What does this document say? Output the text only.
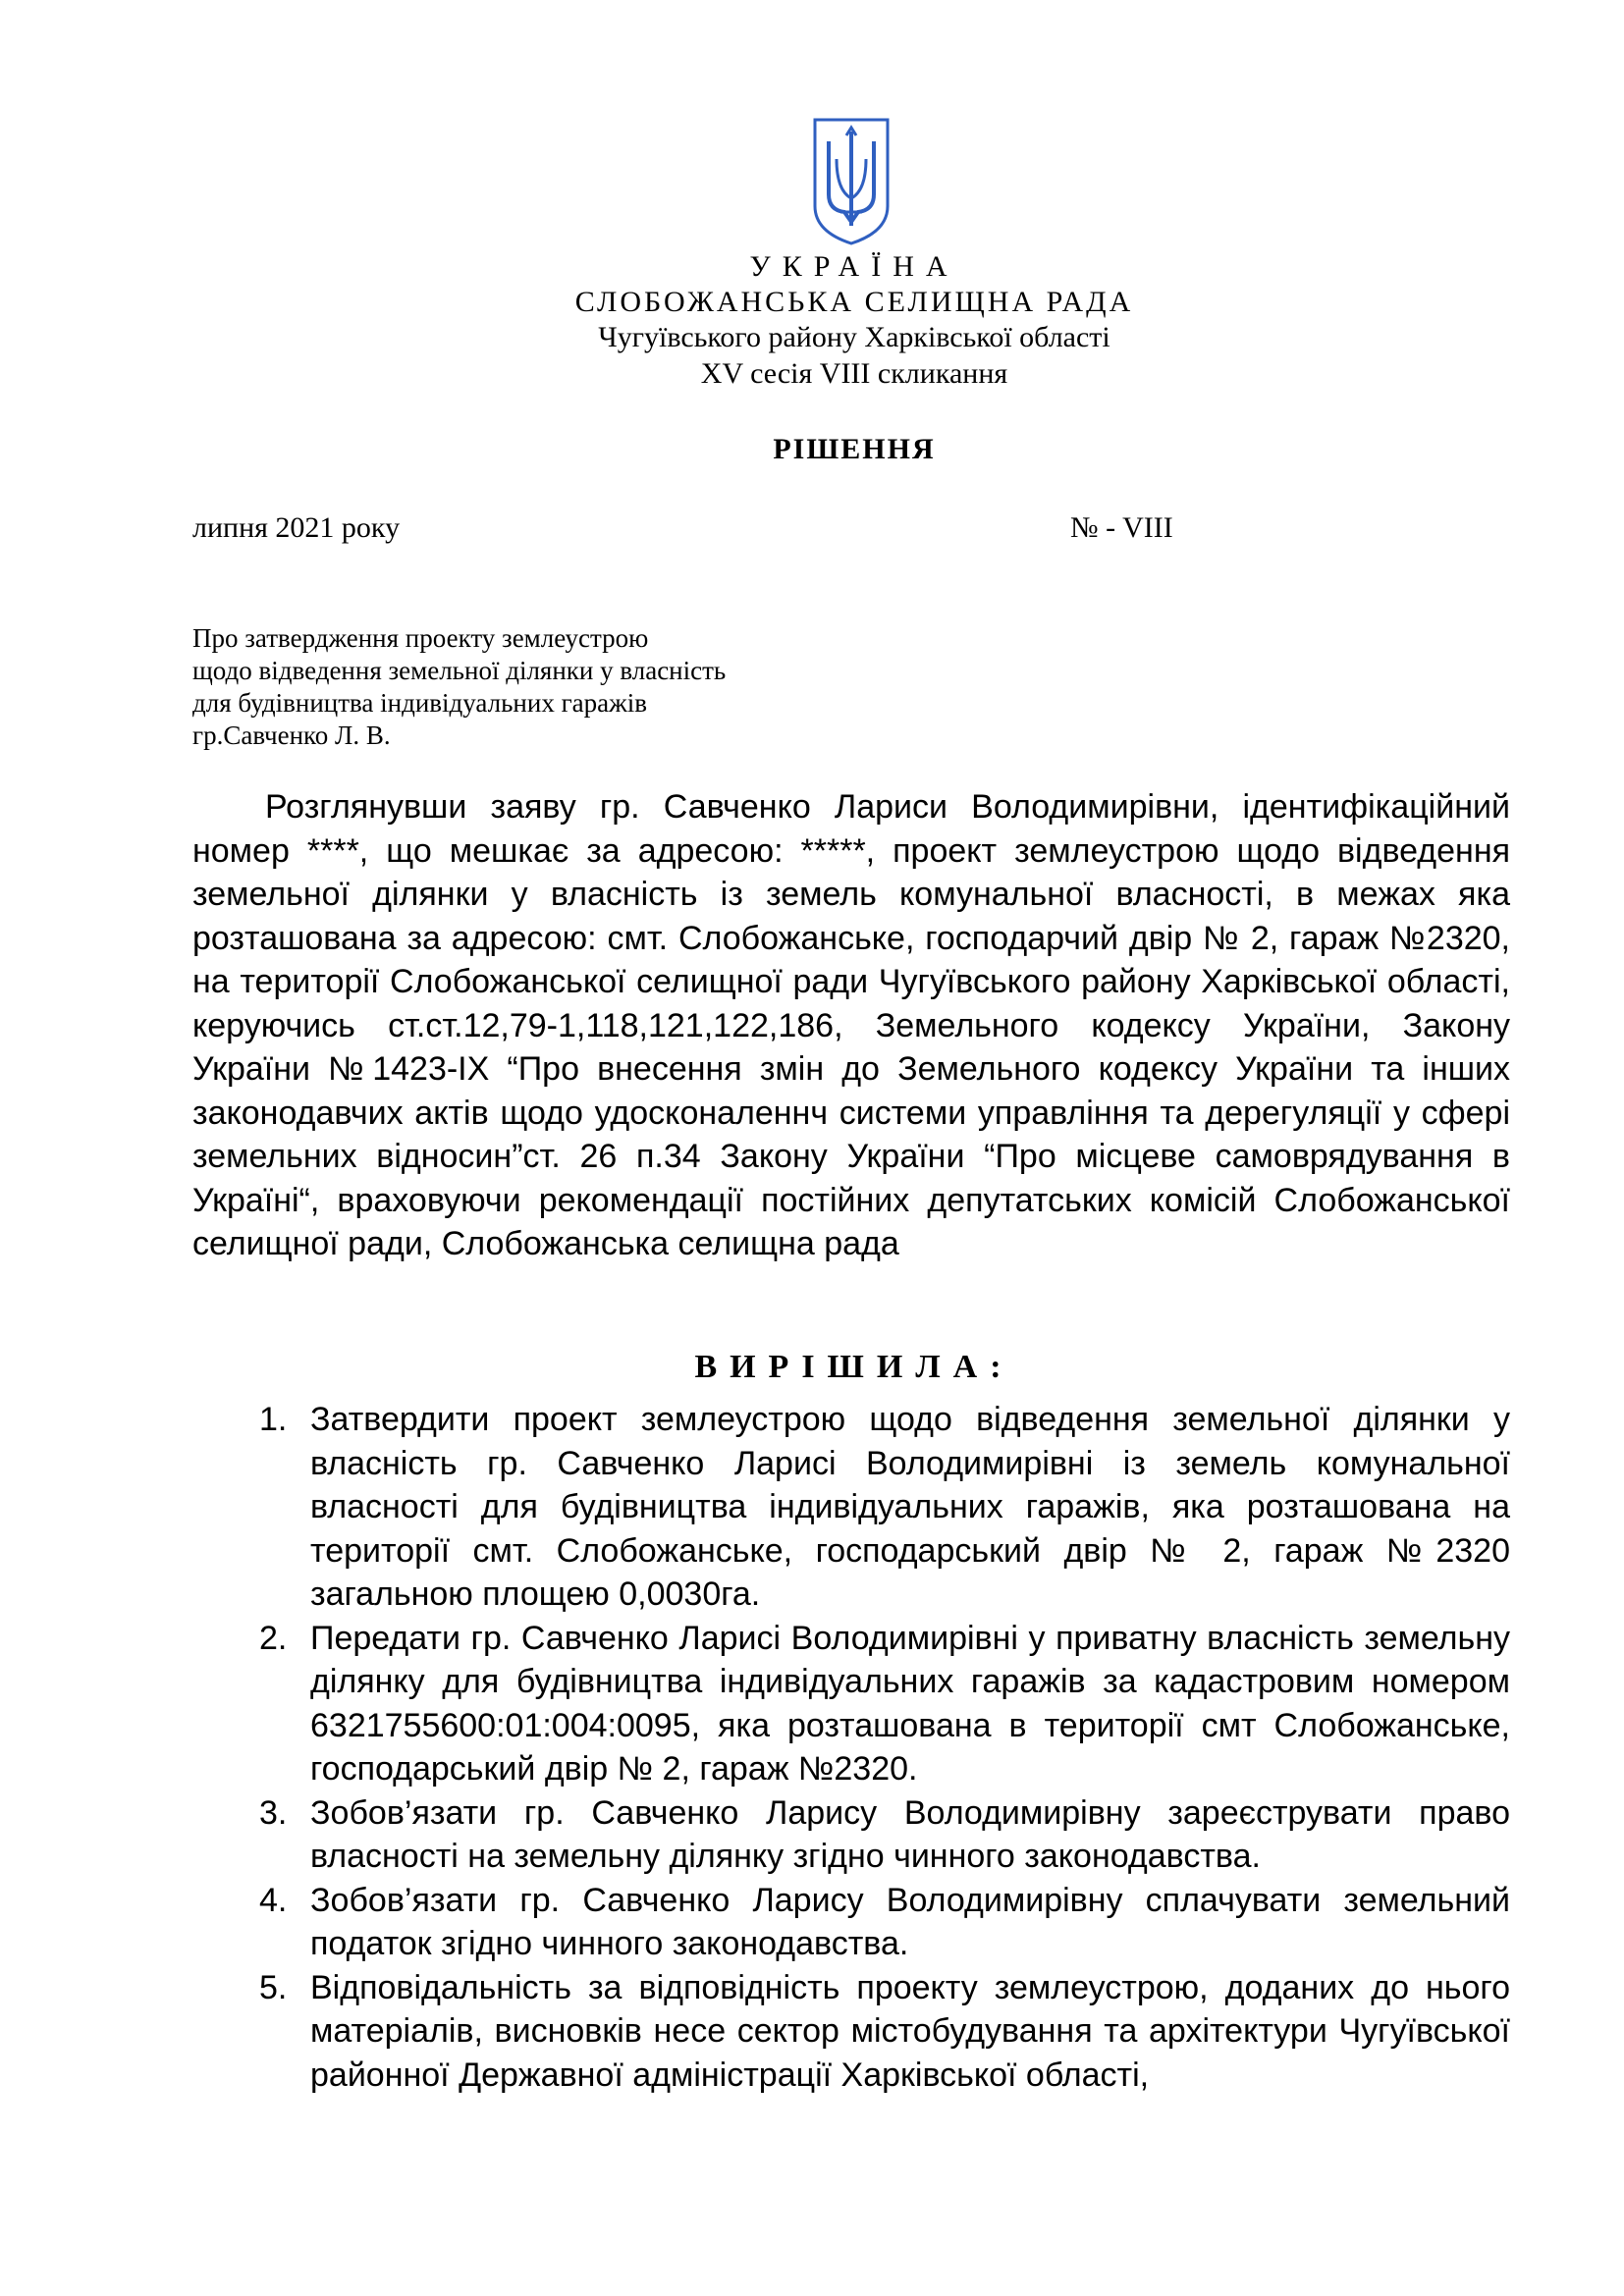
УКРАЇНА
СЛОБОЖАНСЬКА СЕЛИЩНА РАДА
Чугуївського району Харківської області
XV сесія VIII скликання
РІШЕННЯ
липня 2021 року	№ - VIII
Про затвердження проекту землеустрою
щодо відведення земельної ділянки у власність
для будівництва індивідуальних гаражів
гр.Савченко Л. В.
Розглянувши заяву гр. Савченко Лариси Володимирівни, ідентифікаційний номер ****, що мешкає за адресою: *****, проект землеустрою щодо відведення земельної ділянки у власність із земель комунальної власності, в межах яка розташована за адресою: смт. Слобожанське, господарчий двір № 2, гараж №2320, на території Слобожанської селищної ради Чугуївського району Харківської області, керуючись ст.ст.12,79-1,118,121,122,186, Земельного кодексу України, Закону України №1423-IX “Про внесення змін до Земельного кодексу України та інших законодавчих актів щодо удосконаленнч системи управління та дерегуляції у сфері земельних відносин”ст. 26 п.34 Закону України “Про місцеве самоврядування в Україні“, враховуючи рекомендації постійних депутатських комісій Слобожанської селищної ради, Слобожанська селищна рада
ВИРІШИЛА:
1. Затвердити проект землеустрою щодо відведення земельної ділянки у власність гр. Савченко Ларисі Володимирівні із земель комунальної власності для будівництва індивідуальних гаражів, яка розташована на території смт. Слобожанське, господарський двір № 2, гараж №2320 загальною площею 0,0030га.
2. Передати гр. Савченко Ларисі Володимирівні у приватну власність земельну ділянку для будівництва індивідуальних гаражів за кадастровим номером 6321755600:01:004:0095, яка розташована в території смт Слобожанське, господарський двір № 2, гараж №2320.
3. Зобов’язати гр. Савченко Ларису Володимирівну зареєструвати право власності на земельну ділянку згідно чинного законодавства.
4. Зобов’язати гр. Савченко Ларису Володимирівну сплачувати земельний податок згідно чинного законодавства.
5. Відповідальність за відповідність проекту землеустрою, доданих до нього матеріалів, висновків несе сектор містобудування та архітектури Чугуївської районної Державної адміністрації Харківської області,
